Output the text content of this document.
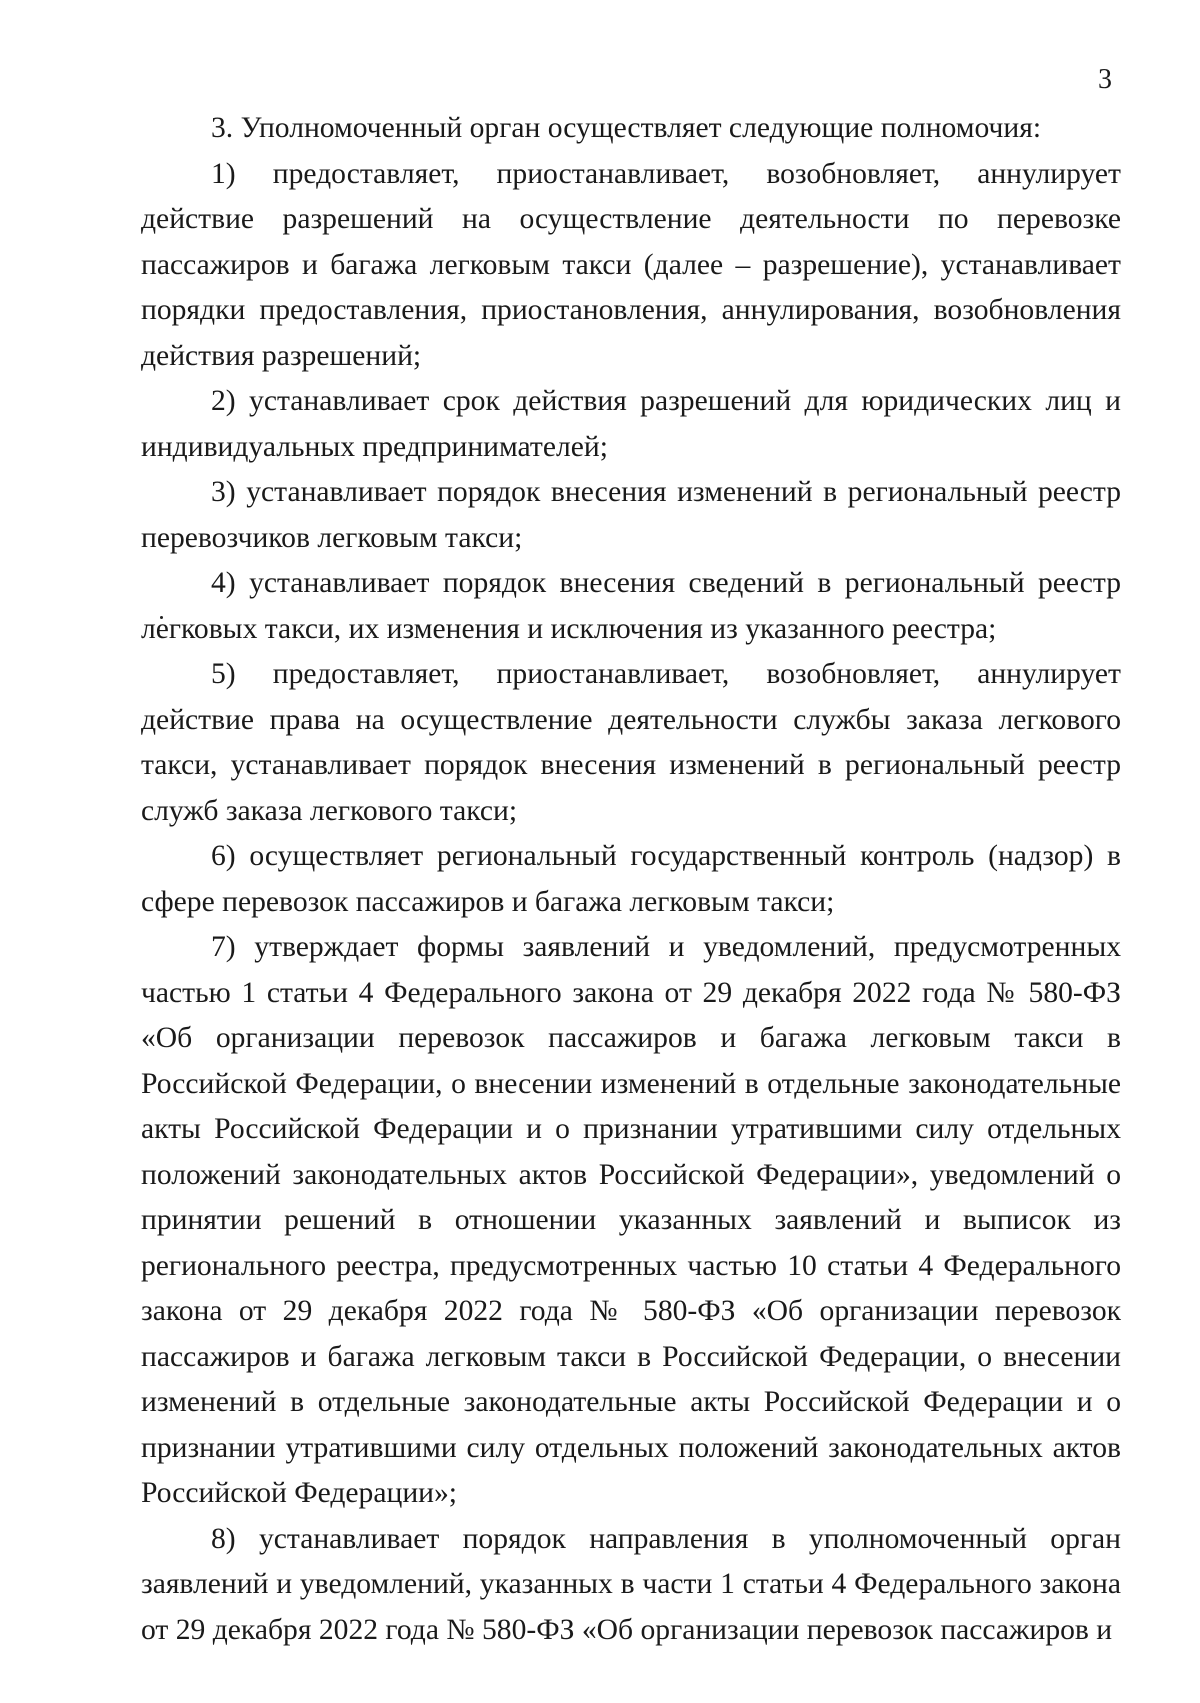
3

3. Уполномоченный орган осуществляет следующие полномочия:

1) предоставляет, приостанавливает, возобновляет, аннулирует действие разрешений на осуществление деятельности по перевозке пассажиров и багажа легковым такси (далее – разрешение), устанавливает порядки предоставления, приостановления, аннулирования, возобновления действия разрешений;

2) устанавливает срок действия разрешений для юридических лиц и индивидуальных предпринимателей;

3) устанавливает порядок внесения изменений в региональный реестр перевозчиков легковым такси;

4) устанавливает порядок внесения сведений в региональный реестр легковых такси, их изменения и исключения из указанного реестра;

5) предоставляет, приостанавливает, возобновляет, аннулирует действие права на осуществление деятельности службы заказа легкового такси, устанавливает порядок внесения изменений в региональный реестр служб заказа легкового такси;

6) осуществляет региональный государственный контроль (надзор) в сфере перевозок пассажиров и багажа легковым такси;

7) утверждает формы заявлений и уведомлений, предусмотренных частью 1 статьи 4 Федерального закона от 29 декабря 2022 года № 580-ФЗ «Об организации перевозок пассажиров и багажа легковым такси в Российской Федерации, о внесении изменений в отдельные законодательные акты Российской Федерации и о признании утратившими силу отдельных положений законодательных актов Российской Федерации», уведомлений о принятии решений в отношении указанных заявлений и выписок из регионального реестра, предусмотренных частью 10 статьи 4 Федерального закона от 29 декабря 2022 года № 580-ФЗ «Об организации перевозок пассажиров и багажа легковым такси в Российской Федерации, о внесении изменений в отдельные законодательные акты Российской Федерации и о признании утратившими силу отдельных положений законодательных актов Российской Федерации»;

8) устанавливает порядок направления в уполномоченный орган заявлений и уведомлений, указанных в части 1 статьи 4 Федерального закона от 29 декабря 2022 года № 580-ФЗ «Об организации перевозок пассажиров и
